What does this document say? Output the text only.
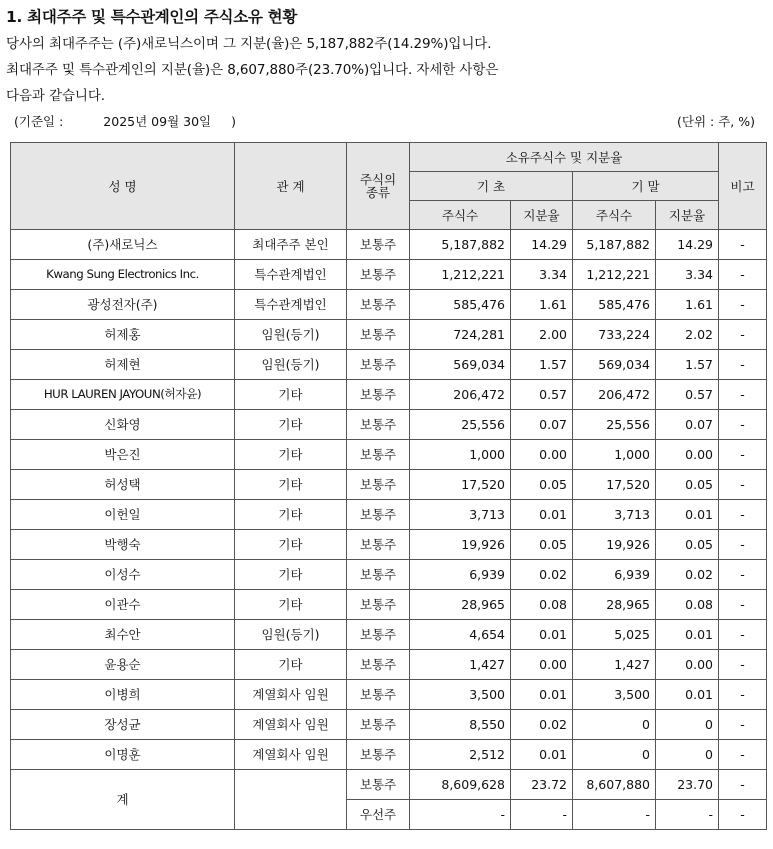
1. 최대주주 및 특수관계인의 주식소유 현황
당사의 최대주주는 (주)새로닉스이며 그 지분(율)은 5,187,882주(14.29%)입니다.
최대주주 및 특수관계인의 지분(율)은 8,607,880주(23.70%)입니다. 자세한 사항은
다음과 같습니다.
(기준일 :	2025년 09월 30일 )	(단위 : 주, %)
성 명	관 계	주식의
종류	소유주식수 및 지분율				비고
			기 초		기 말		
			주식수	지분율	주식수	지분율	
(주)새로닉스	최대주주 본인	보통주	5,187,882	14.29	5,187,882	14.29	-
Kwang Sung Electronics Inc.	특수관계법인	보통주	1,212,221	3.34	1,212,221	3.34	-
광성전자(주)	특수관계법인	보통주	585,476	1.61	585,476	1.61	-
허제홍	임원(등기)	보통주	724,281	2.00	733,224	2.02	-
허제현	임원(등기)	보통주	569,034	1.57	569,034	1.57	-
HUR LAUREN JAYOUN(허자윤)	기타	보통주	206,472	0.57	206,472	0.57	-
신화영	기타	보통주	25,556	0.07	25,556	0.07	-
박은진	기타	보통주	1,000	0.00	1,000	0.00	-
허성택	기타	보통주	17,520	0.05	17,520	0.05	-
이헌일	기타	보통주	3,713	0.01	3,713	0.01	-
박행숙	기타	보통주	19,926	0.05	19,926	0.05	-
이성수	기타	보통주	6,939	0.02	6,939	0.02	-
이관수	기타	보통주	28,965	0.08	28,965	0.08	-
최수안	임원(등기)	보통주	4,654	0.01	5,025	0.01	-
윤용순	기타	보통주	1,427	0.00	1,427	0.00	-
이병희	계열회사 임원	보통주	3,500	0.01	3,500	0.01	-
장성균	계열회사 임원	보통주	8,550	0.02	0	0	-
이명훈	계열회사 임원	보통주	2,512	0.01	0	0	-
계		보통주	8,609,628	23.72	8,607,880	23.70	-
		우선주	-	-	-	-	-
